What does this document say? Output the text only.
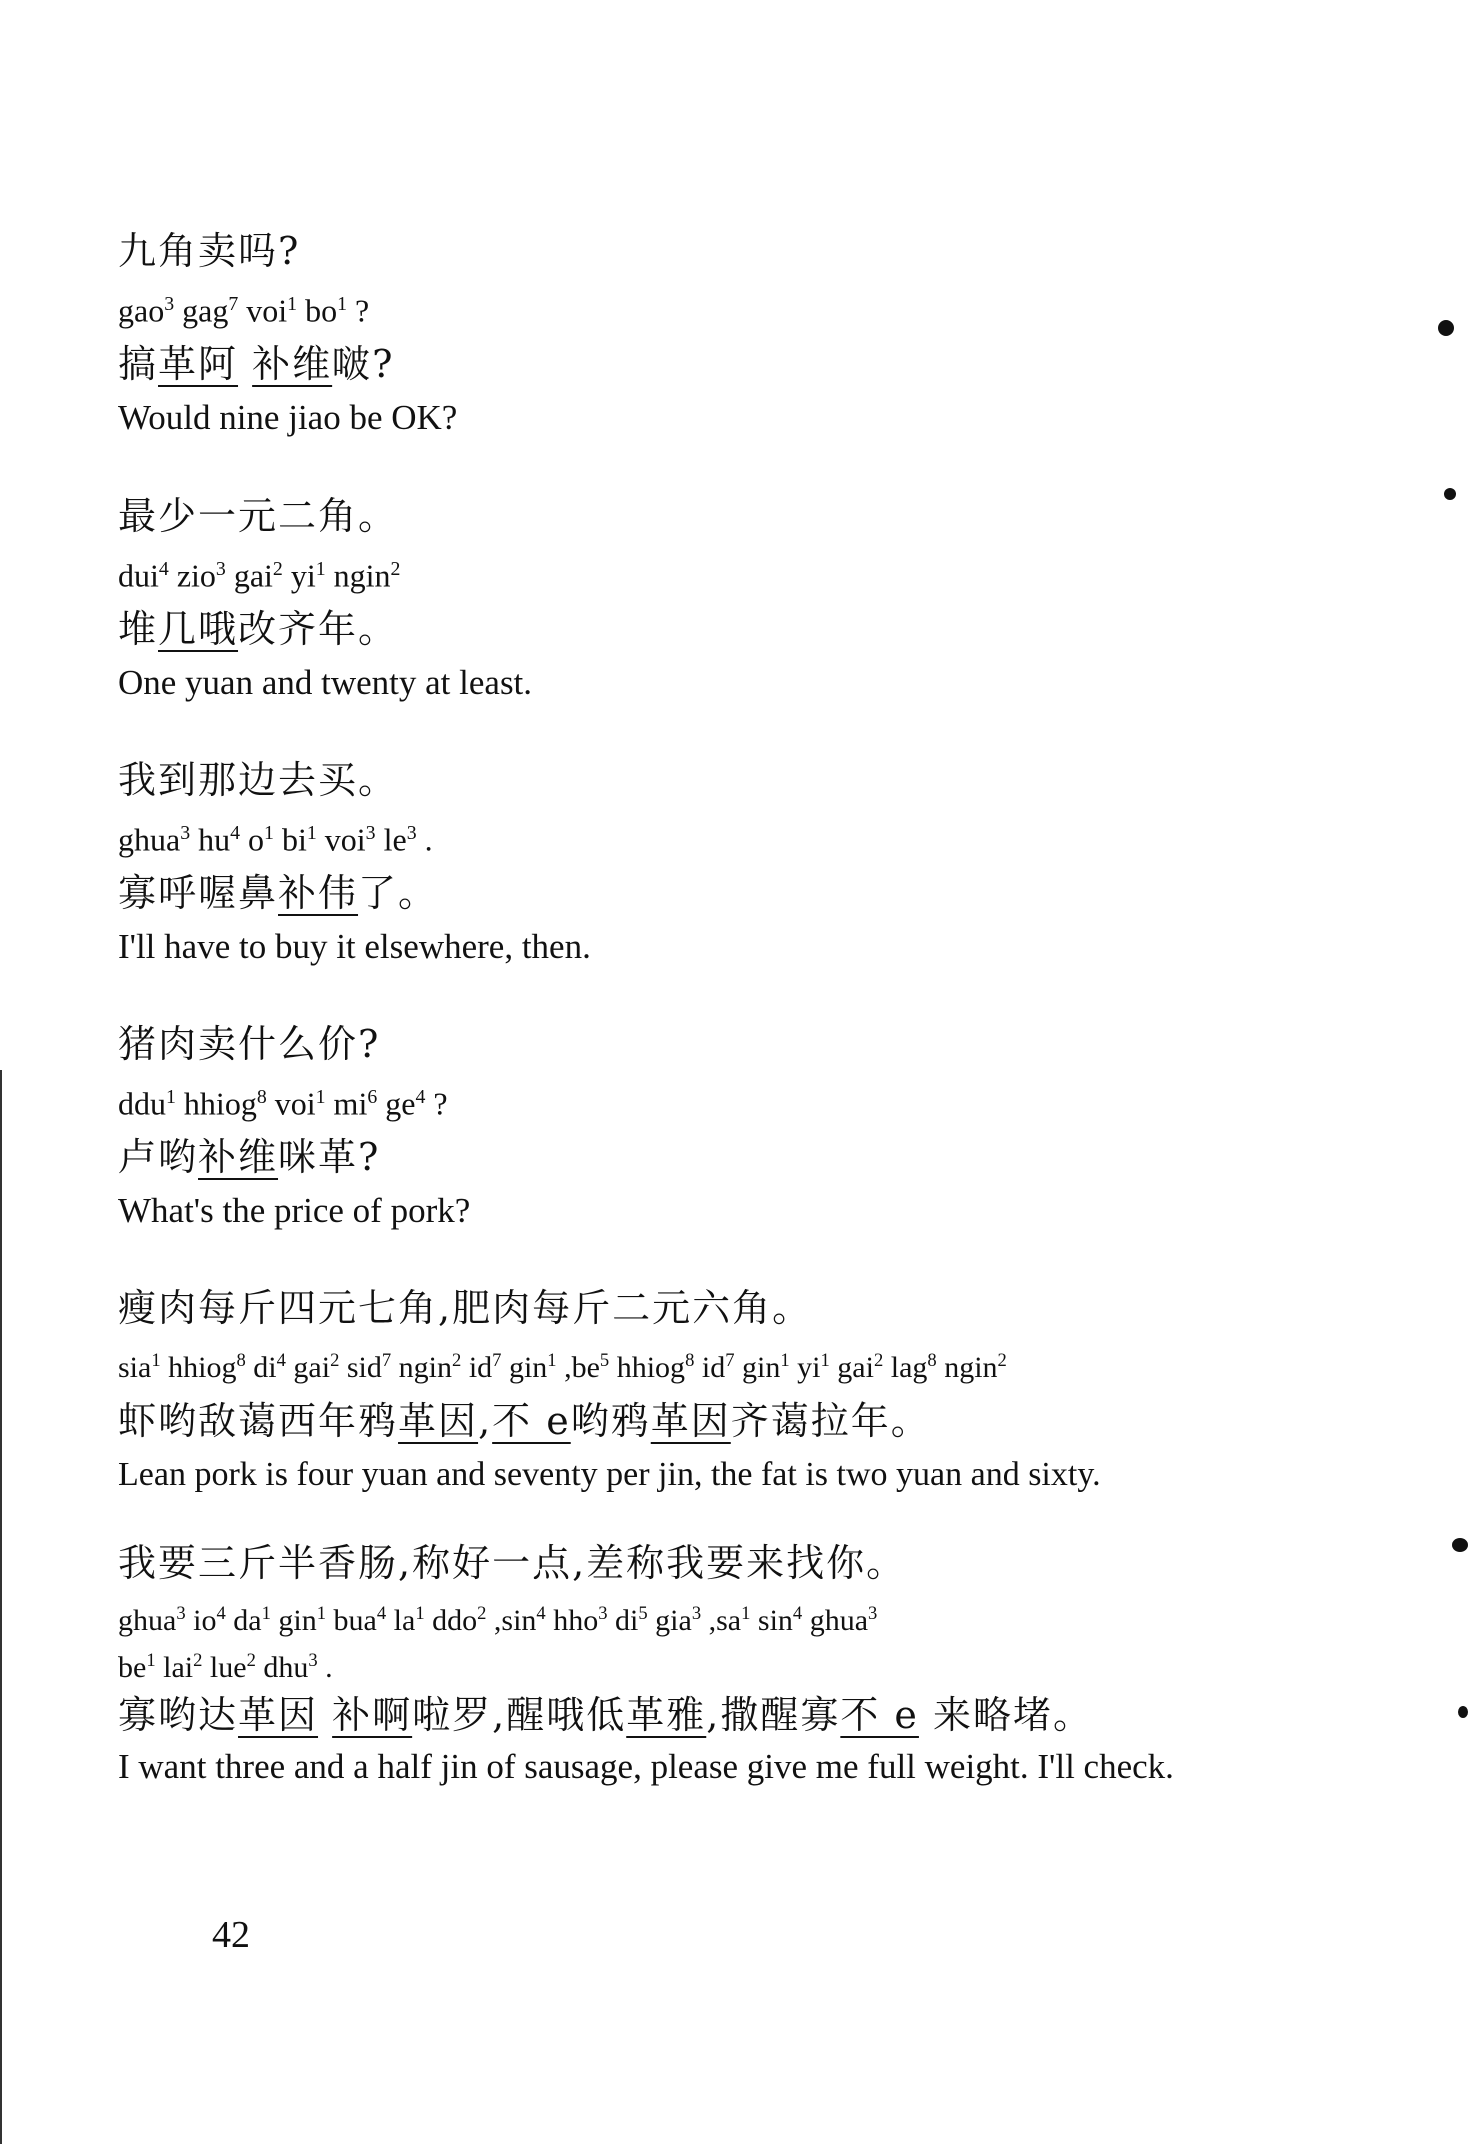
九角卖吗?
gao$^3$ gag$^7$ voi$^1$ $bo^1$ ?
搞革阿 补维啵?
Would nine jiao be OK?
最少一元二角。
dui$^4$ zio$^3$ gai$^2$ $yi^1$ ngin$^2$
堆几哦改齐年。
One yuan and twenty at least.
我到那边去买。
ghua$^3$ $hu^4$ $o^1$ $bi^1$ voi$^3$ $le^3$ .
寡呼喔鼻补伟了。
I'll have to buy it elsewhere, then.
猪肉卖什么价?
ddu$^1$ hhiog$^8$ voi$^1$ $mi^6$ $ge^4$ ?
卢哟补维咪革?
What's the price of pork?
瘦肉每斤四元七角,肥肉每斤二元六角。
sia$^1$ hhiog$^8$ $di^4$ gai$^2$ sid$^7$ ngin$^2$ $id^7$ gin$^1$ $,be^5$ hhiog$^8$ $id^7$ gin$^1$ $yi^1$ gai$^2$ lag$^8$ ngin$^2$
虾哟敌蔼西年鸦革因,不 e哟鸦革因齐蔼拉年。
Lean pork is four yuan and seventy per jin, the fat is two yuan and sixty.
我要三斤半香肠,称好一点,差称我要来找你。
ghua$^3$ $io^4$ $da^1$ gin$^1$ bua$^4$ $la^1$ ddo$^2$ $,\sin^4$ hho$^3$ $di^5$ gia$^3$ $,sa^1$ $\sin^4$ ghua$^3$
$be^1$ lai$^2$ lue$^2$ dhu$^3$ .
寡哟达革因 补啊啦罗,醒哦低革雅,撒醒寡不 e 来略堵。
I want three and a half jin of sausage, please give me full weight. I'll check.
42
